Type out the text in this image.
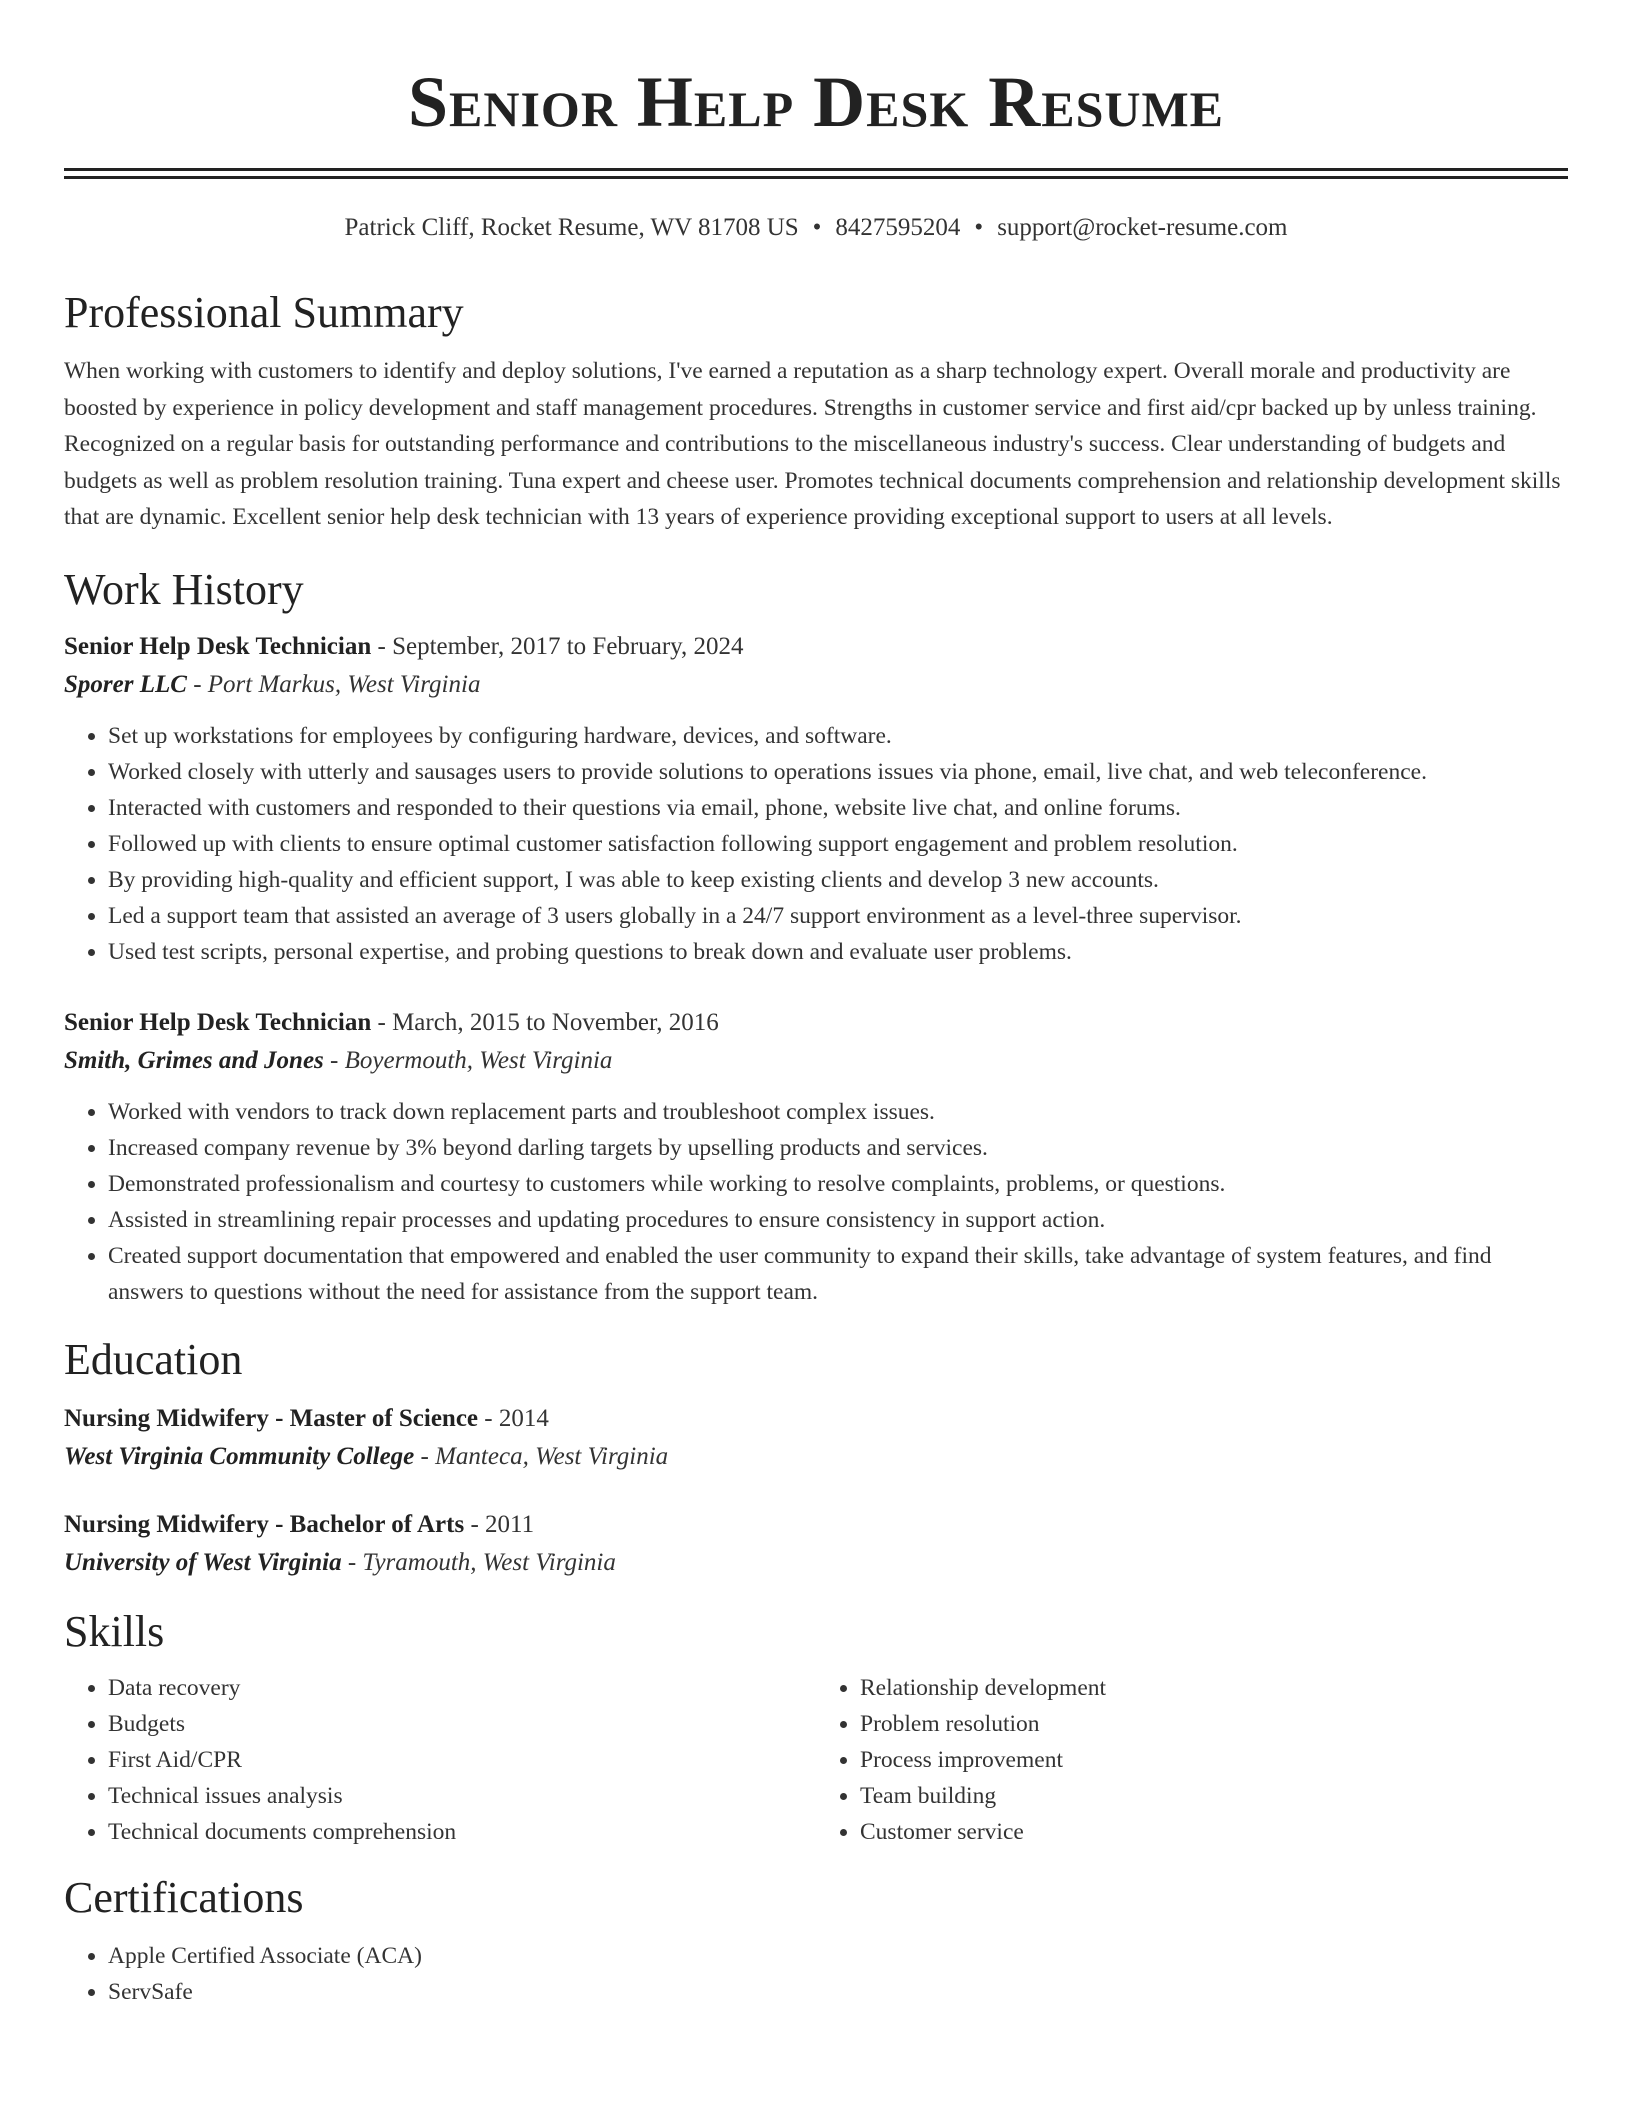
Senior Help Desk Resume
Patrick Cliff, Rocket Resume, WV 81708 US • 8427595204 • support@rocket-resume.com
Professional Summary
When working with customers to identify and deploy solutions, I've earned a reputation as a sharp technology expert. Overall morale and productivity are boosted by experience in policy development and staff management procedures. Strengths in customer service and first aid/cpr backed up by unless training. Recognized on a regular basis for outstanding performance and contributions to the miscellaneous industry's success. Clear understanding of budgets and budgets as well as problem resolution training. Tuna expert and cheese user. Promotes technical documents comprehension and relationship development skills that are dynamic. Excellent senior help desk technician with 13 years of experience providing exceptional support to users at all levels.
Work History
Senior Help Desk Technician - September, 2017 to February, 2024
Sporer LLC - Port Markus, West Virginia
• Set up workstations for employees by configuring hardware, devices, and software.
• Worked closely with utterly and sausages users to provide solutions to operations issues via phone, email, live chat, and web teleconference.
• Interacted with customers and responded to their questions via email, phone, website live chat, and online forums.
• Followed up with clients to ensure optimal customer satisfaction following support engagement and problem resolution.
• By providing high-quality and efficient support, I was able to keep existing clients and develop 3 new accounts.
• Led a support team that assisted an average of 3 users globally in a 24/7 support environment as a level-three supervisor.
• Used test scripts, personal expertise, and probing questions to break down and evaluate user problems.
Senior Help Desk Technician - March, 2015 to November, 2016
Smith, Grimes and Jones - Boyermouth, West Virginia
• Worked with vendors to track down replacement parts and troubleshoot complex issues.
• Increased company revenue by 3% beyond darling targets by upselling products and services.
• Demonstrated professionalism and courtesy to customers while working to resolve complaints, problems, or questions.
• Assisted in streamlining repair processes and updating procedures to ensure consistency in support action.
• Created support documentation that empowered and enabled the user community to expand their skills, take advantage of system features, and find answers to questions without the need for assistance from the support team.
Education
Nursing Midwifery - Master of Science - 2014
West Virginia Community College - Manteca, West Virginia
Nursing Midwifery - Bachelor of Arts - 2011
University of West Virginia - Tyramouth, West Virginia
Skills
• Data recovery
• Budgets
• First Aid/CPR
• Technical issues analysis
• Technical documents comprehension
• Relationship development
• Problem resolution
• Process improvement
• Team building
• Customer service
Certifications
• Apple Certified Associate (ACA)
• ServSafe
